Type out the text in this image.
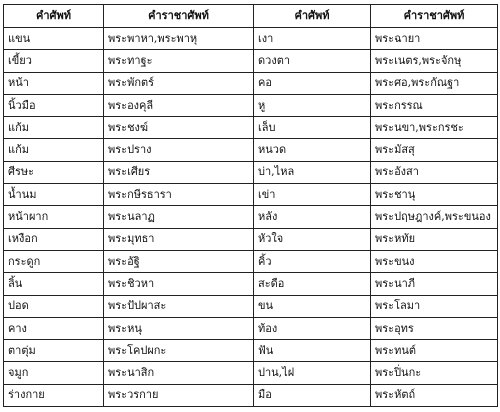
คำศัพท์	คำราชาศัพท์	คำศัพท์	คำราชาศัพท์
แขน	พระพาหา,พระพาหุ	เงา	พระฉายา
เขี้ยว	พระทาฐะ	ดวงตา	พระเนตร,พระจักษุ
หน้า	พระพักตร์	คอ	พระศอ,พระกัณฐา
นิ้วมือ	พระองคุลี	หู	พระกรรณ
แก้ม	พระชงฆ์	เล็บ	พระนขา,พระกรชะ
แก้ม	พระปราง	หนวด	พระมัสสุ
ศีรษะ	พระเศียร	บ่า,ไหล	พระอังสา
น้ำนม	พระกษีรธารา	เข่า	พระชานุ
หน้าผาก	พระนลาฏ	หลัง	พระปฤษฎางค์,พระขนอง
เหงือก	พระมุทธา	หัวใจ	พระหทัย
กระดูก	พระอัฐิ	คิ้ว	พระขนง
ลิ้น	พระชิวหา	สะดือ	พระนาภี
ปอด	พระปัปผาสะ	ขน	พระโลมา
คาง	พระหนุ	ท้อง	พระอุทร
ตาตุ่ม	พระโคปผกะ	ฟัน	พระทนต์
จมูก	พระนาสิก	ปาน,ไฝ	พระปิ่นกะ
ร่างกาย	พระวรกาย	มือ	พระหัตถ์
